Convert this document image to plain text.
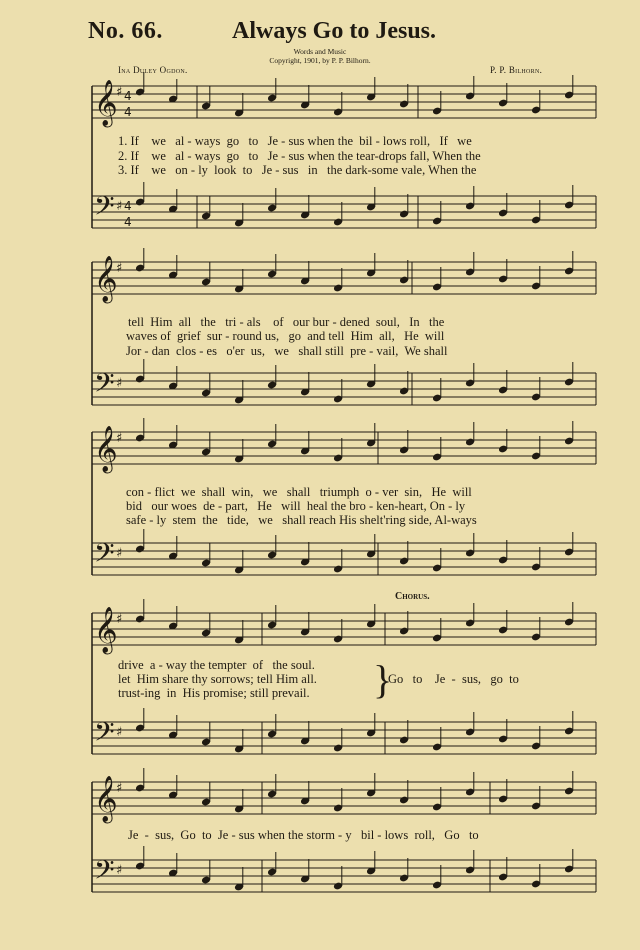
No. 66.	Always Go to Jesus.
Words and Music
Copyright, 1901, by P. P. Bilhorn.
Ina Duley Ogdon.	P. P. Bilhorn.
𝄞
𝄢
♯
♯
𝄞
𝄢
♯
♯
𝄞
𝄢
♯
♯
𝄞
𝄢
♯
♯
𝄞
𝄢
♯
♯
4
4
4
4
1. If    we   al - ways  go   to   Je - sus when the  bil - lows roll,   If   we
2. If    we   al - ways  go   to   Je - sus when the tear-drops fall, When the
3. If    we   on - ly  look  to   Je - sus   in   the dark-some vale, When the
tell  Him  all   the   tri - als    of   our bur - dened  soul,   In   the
waves of  grief  sur - round us,   go  and tell  Him  all,   He  will
Jor - dan  clos - es   o'er  us,   we   shall still  pre - vail,  We shall
con - flict  we  shall  win,   we   shall   triumph  o - ver  sin,   He  will
bid   our woes  de - part,   He   will  heal the bro - ken-heart, On - ly
safe - ly  stem  the   tide,   we   shall reach His shelt'ring side, Al-ways
Chorus.
drive  a - way the tempter  of   the soul.
let  Him share thy sorrows; tell Him all.
trust-ing  in  His promise; still prevail. }
Go   to    Je  -  sus,   go  to
Je  -  sus,  Go  to  Je - sus when the storm - y   bil - lows  roll,   Go   to
